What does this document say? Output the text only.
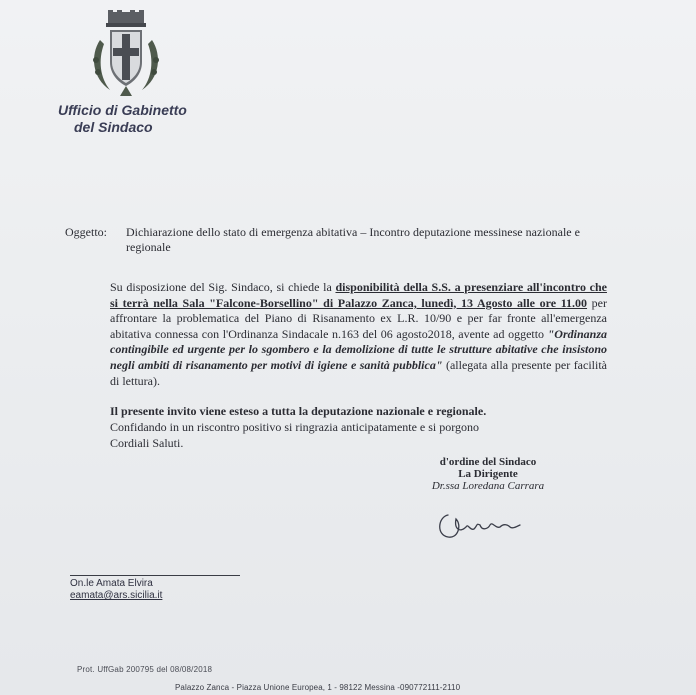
Ufficio di Gabinetto
del Sindaco
Oggetto: Dichiarazione dello stato di emergenza abitativa – Incontro deputazione messinese nazionale e regionale

Su disposizione del Sig. Sindaco, si chiede la disponibilità della S.S. a presenziare all'incontro che si terrà nella Sala "Falcone-Borsellino" di Palazzo Zanca, lunedì, 13 Agosto alle ore 11.00 per affrontare la problematica del Piano di Risanamento ex L.R. 10/90 e per far fronte all'emergenza abitativa connessa con l'Ordinanza Sindacale n.163 del 06 agosto2018, avente ad oggetto "Ordinanza contingibile ed urgente per lo sgombero e la demolizione di tutte le strutture abitative che insistono negli ambiti di risanamento per motivi di igiene e sanità pubblica" (allegata alla presente per facilità di lettura).

Il presente invito viene esteso a tutta la deputazione nazionale e regionale.
Confidando in un riscontro positivo si ringrazia anticipatamente e si porgono
Cordiali Saluti.
d'ordine del Sindaco
La Dirigente
Dr.ssa Loredana Carrara
On.le Amata Elvira
eamata@ars.sicilia.it
Prot. UffGab 200795 del 08/08/2018
Palazzo Zanca - Piazza Unione Europea, 1 - 98122 Messina -090772111-2110
